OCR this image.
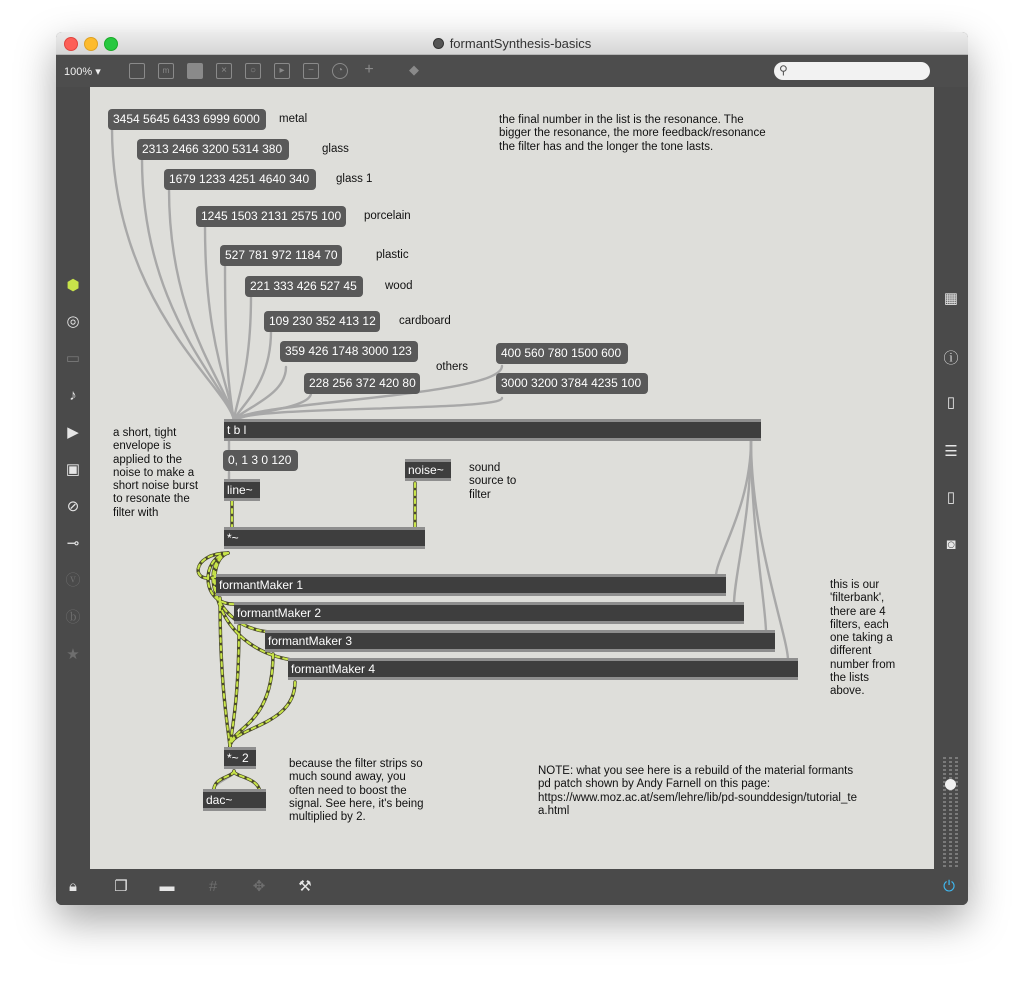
formantSynthesis-basics
100% ▾	m	×	○	▸	−	◔	+	◆	⚲
⬢
◎
▭
♪
▶
▣
⊘
⊸
ⓥ
ⓑ
★
▦
ⓘ
▯
☰
▯
◙
3454 5645 6433 6999 6000
2313 2466 3200 5314 380
1679 1233 4251 4640 340
1245 1503 2131 2575 100
527 781 972 1184 70
221 333 426 527 45
109 230 352 413 12
359 426 1748 3000 123
228 256 372 420 80
400 560 780 1500 600
3000 3200 3784 4235 100
0, 1 3 0 120
t b l
line~
noise~
*~
formantMaker 1
formantMaker 2
formantMaker 3
formantMaker 4
*~ 2
dac~
metal
glass
glass 1
porcelain
plastic
wood
cardboard
others
the final number in the list is the resonance. The
bigger the resonance, the more feedback/resonance
the filter has and the longer the tone lasts.
a short, tight
envelope is
applied to the
noise to make a
short noise burst
to resonate the
filter with
sound
source to
filter
this is our
'filterbank',
there are 4
filters, each
one taking a
different
number from
the lists
above.
because the filter strips so
much sound away, you
often need to boost the
signal. See here, it's being
multiplied by 2.
NOTE: what you see here is a rebuild of the material formants
pd patch shown by Andy Farnell on this page:
https://www.moz.ac.at/sem/lehre/lib/pd-sounddesign/tutorial_te
a.html
🔒︎	❐ ▬	#	✥ ⚒	⏻
